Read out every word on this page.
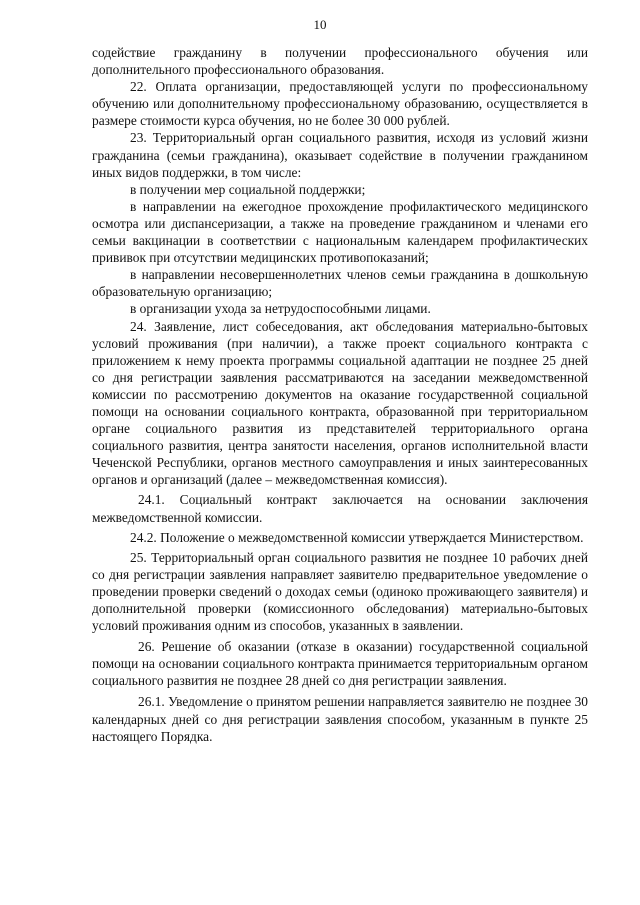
10

содействие гражданину в получении профессионального обучения или дополнительного профессионального образования.

22. Оплата организации, предоставляющей услуги по профессиональному обучению или дополнительному профессиональному образованию, осуществляется в размере стоимости курса обучения, но не более 30 000 рублей.

23. Территориальный орган социального развития, исходя из условий жизни гражданина (семьи гражданина), оказывает содействие в получении гражданином иных видов поддержки, в том числе:

в получении мер социальной поддержки;

в направлении на ежегодное прохождение профилактического медицинского осмотра или диспансеризации, а также на проведение гражданином и членами его семьи вакцинации в соответствии с национальным календарем профилактических прививок при отсутствии медицинских противопоказаний;

в направлении несовершеннолетних членов семьи гражданина в дошкольную образовательную организацию;

в организации ухода за нетрудоспособными лицами.

24. Заявление, лист собеседования, акт обследования материально-бытовых условий проживания (при наличии), а также проект социального контракта с приложением к нему проекта программы социальной адаптации не позднее 25 дней со дня регистрации заявления рассматриваются на заседании межведомственной комиссии по рассмотрению документов на оказание государственной социальной помощи на основании социального контракта, образованной при территориальном органе социального развития из представителей территориального органа социального развития, центра занятости населения, органов исполнительной власти Чеченской Республики, органов местного самоуправления и иных заинтересованных органов и организаций (далее – межведомственная комиссия).

24.1. Социальный контракт заключается на основании заключения межведомственной комиссии.

24.2. Положение о межведомственной комиссии утверждается Министерством.

25. Территориальный орган социального развития не позднее 10 рабочих дней со дня регистрации заявления направляет заявителю предварительное уведомление о проведении проверки сведений о доходах семьи (одиноко проживающего заявителя) и дополнительной проверки (комиссионного обследования) материально-бытовых условий проживания одним из способов, указанных в заявлении.

26. Решение об оказании (отказе в оказании) государственной социальной помощи на основании социального контракта принимается территориальным органом социального развития не позднее 28 дней со дня регистрации заявления.

26.1. Уведомление о принятом решении направляется заявителю не позднее 30 календарных дней со дня регистрации заявления способом, указанным в пункте 25 настоящего Порядка.
